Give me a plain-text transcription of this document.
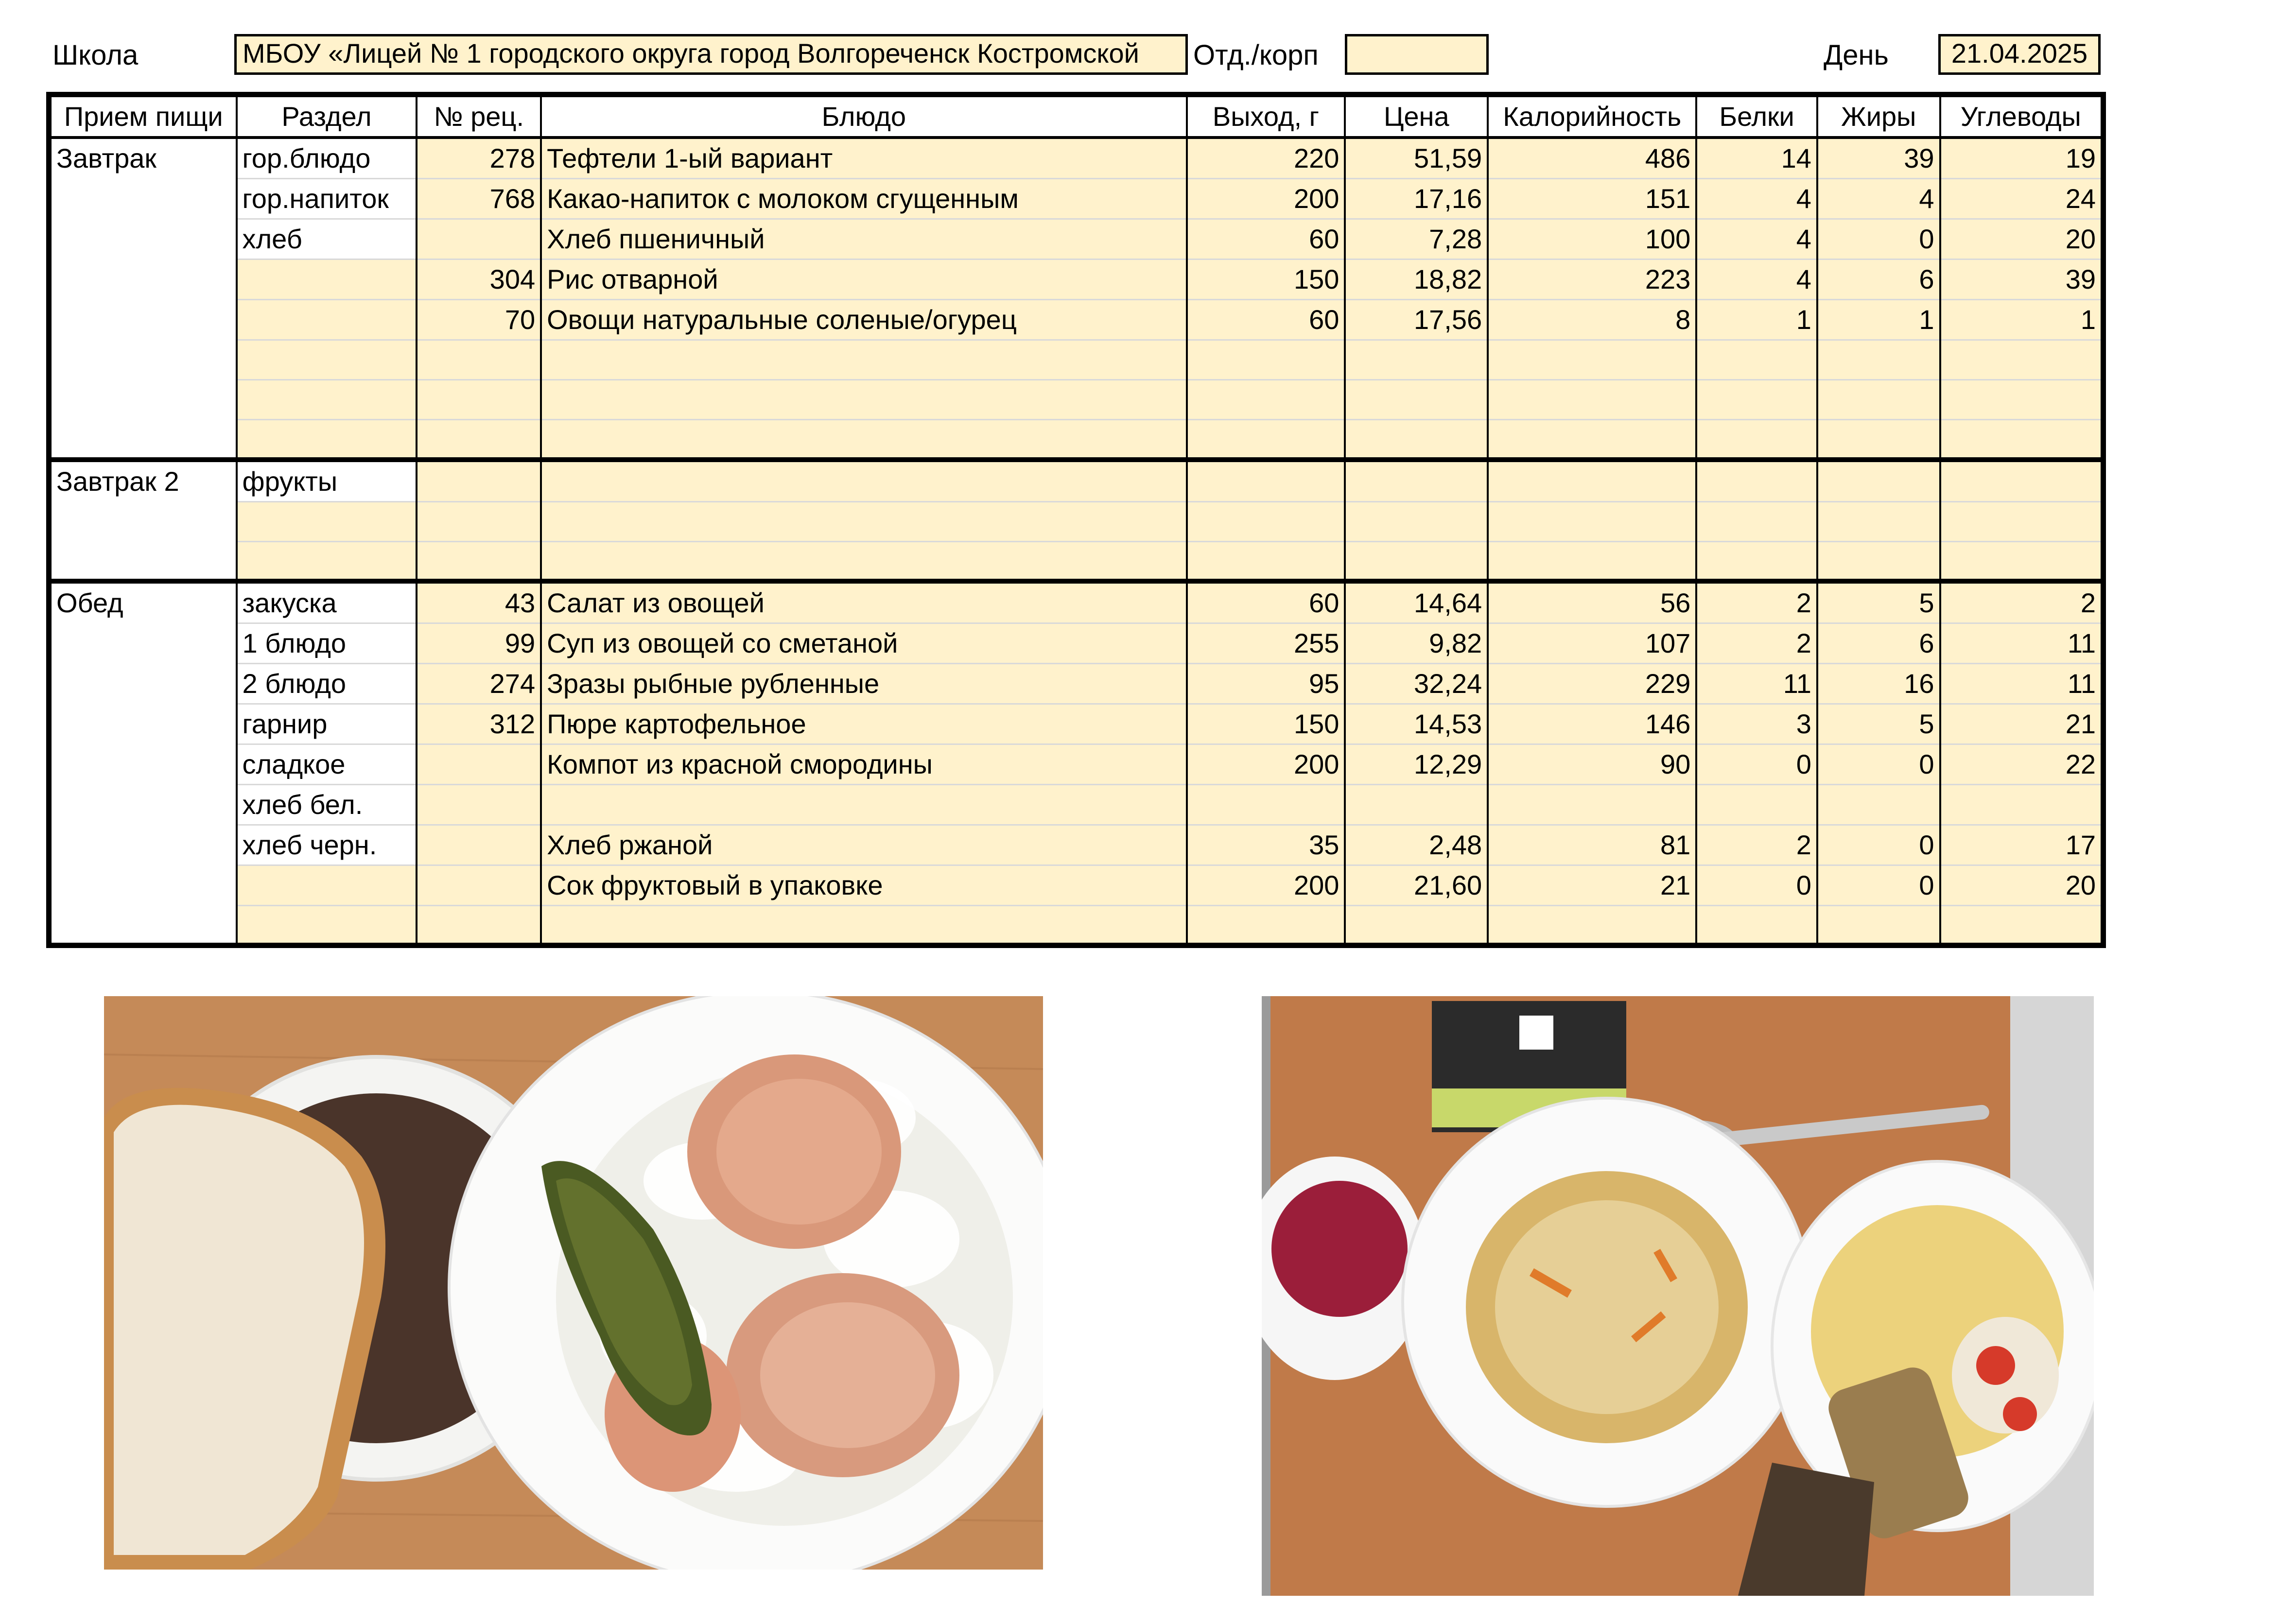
Школа	МБОУ «Лицей № 1 городского округа город Волгореченск Костромской	Отд./корп	День	21.04.2025
Прием пищи	Раздел	№ рец.	Блюдо	Выход, г	Цена	Калорийность	Белки	Жиры	Углеводы
Завтрак	гор.блюдо	278	Тефтели 1-ый вариант	220	51,59	486	14	39	19
	гор.напиток	768	Какао-напиток с молоком сгущенным	200	17,16	151	4	4	24
	хлеб		Хлеб пшеничный	60	7,28	100	4	0	20
		304	Рис отварной	150	18,82	223	4	6	39
		70	Овощи натуральные соленые/огурец	60	17,56	8	1	1	1

Завтрак 2	фрукты								

Обед	закуска	43	Салат из овощей	60	14,64	56	2	5	2
	1 блюдо	99	Суп из овощей со сметаной	255	9,82	107	2	6	11
	2 блюдо	274	Зразы рыбные рубленные	95	32,24	229	11	16	11
	гарнир	312	Пюре картофельное	150	14,53	146	3	5	21
	сладкое		Компот из красной смородины	200	12,29	90	0	0	22
	хлеб бел.								
	хлеб черн.		Хлеб ржаной	35	2,48	81	2	0	17
			Сок фруктовый в упаковке	200	21,60	21	0	0	20
